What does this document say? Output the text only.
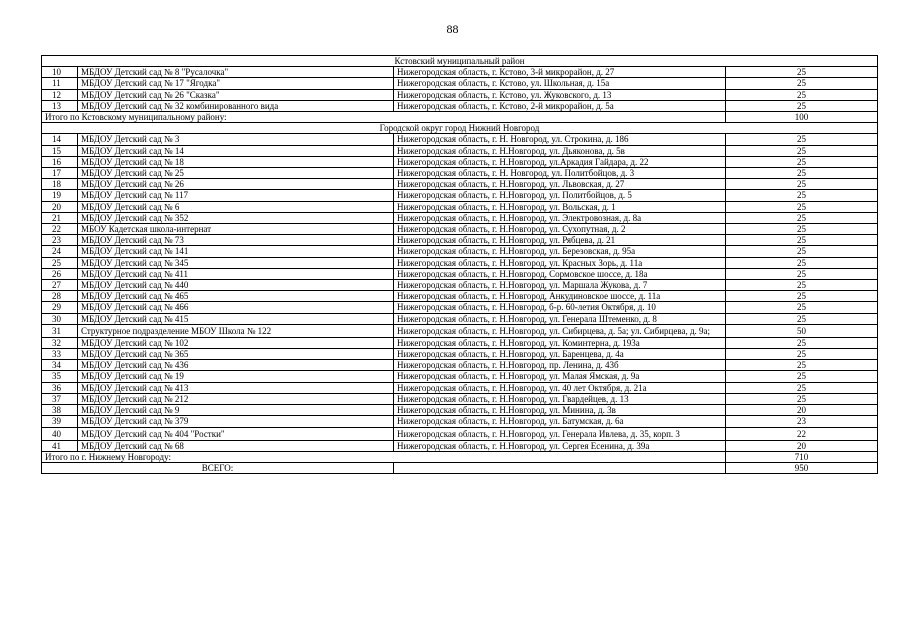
88
Кстовский муниципальный район			
10	МБДОУ Детский сад № 8 "Русалочка"	Нижегородская область, г. Кстово, 3-й микрорайон, д. 27	25
11	МБДОУ Детский сад № 17 "Ягодка"	Нижегородская область, г. Кстово, ул. Школьная, д. 15а	25
12	МБДОУ Детский сад № 26 "Сказка"	Нижегородская область, г. Кстово, ул. Жуковского, д. 13	25
13	МБДОУ Детский сад № 32 комбинированного вида	Нижегородская область, г. Кстово, 2-й микрорайон, д. 5а	25
Итого по Кстовскому муниципальному району:			100
Городской округ город Нижний Новгород			
14	МБДОУ Детский сад № 3	Нижегородская область, г. Н. Новгород, ул. Строкина, д. 186	25
15	МБДОУ Детский сад № 14	Нижегородская область, г. Н.Новгород, ул. Дьяконова, д. 5в	25
16	МБДОУ Детский сад № 18	Нижегородская область, г. Н.Новгород, ул.Аркадия Гайдара, д. 22	25
17	МБДОУ Детский сад № 25	Нижегородская область, г. Н. Новгород, ул. Политбойцов, д. 3	25
18	МБДОУ Детский сад № 26	Нижегородская область, г. Н.Новгород, ул. Львовская, д. 27	25
19	МБДОУ Детский сад № 117	Нижегородская область, г. Н.Новгород, ул. Политбойцов, д. 5	25
20	МБДОУ Детский сад № 6	Нижегородская область, г. Н.Новгород, ул. Вольская, д. 1	25
21	МБДОУ Детский сад № 352	Нижегородская область, г. Н.Новгород, ул. Электровозная, д. 8а	25
22	МБОУ Кадетская школа-интернат	Нижегородская область, г. Н.Новгород, ул. Сухопутная, д. 2	25
23	МБДОУ Детский сад № 73	Нижегородская область, г. Н.Новгород, ул. Рябцева, д. 21	25
24	МБДОУ Детский сад № 141	Нижегородская область, г. Н.Новгород, ул. Березовская, д. 95а	25
25	МБДОУ Детский сад № 345	Нижегородская область, г. Н.Новгород, ул. Красных Зорь, д. 11а	25
26	МБДОУ Детский сад № 411	Нижегородская область, г. Н.Новгород, Сормовское шоссе, д. 18а	25
27	МБДОУ Детский сад № 440	Нижегородская область, г. Н.Новгород, ул. Маршала Жукова, д. 7	25
28	МБДОУ Детский сад № 465	Нижегородская область, г. Н.Новгород, Анкудиновское шоссе, д. 11а	25
29	МБДОУ Детский сад № 466	Нижегородская область, г. Н.Новгород, б-р. 60-летия Октября, д. 10	25
30	МБДОУ Детский сад № 415	Нижегородская область, г. Н.Новгород, ул. Генерала Штеменко, д. 8	25
31	Структурное подразделение МБОУ Школа № 122	Нижегородская область, г. Н.Новгород, ул. Сибирцева, д. 5а; ул. Сибирцева, д. 9а;	50
32	МБДОУ Детский сад № 102	Нижегородская область, г. Н.Новгород, ул. Коминтерна, д. 193а	25
33	МБДОУ Детский сад № 365	Нижегородская область, г. Н.Новгород, ул. Баренцева, д. 4а	25
34	МБДОУ Детский сад № 436	Нижегородская область, г. Н.Новгород, пр. Ленина, д. 43б	25
35	МБДОУ Детский сад № 19	Нижегородская область, г. Н.Новгород, ул. Малая Ямская, д. 9а	25
36	МБДОУ Детский сад № 413	Нижегородская область, г. Н.Новгород, ул. 40 лет Октября, д. 21а	25
37	МБДОУ Детский сад № 212	Нижегородская область, г. Н.Новгород, ул. Гвардейцев, д. 13	25
38	МБДОУ Детский сад № 9	Нижегородская область, г. Н.Новгород, ул. Минина, д. 3в	20
39	МБДОУ Детский сад № 379	Нижегородская область, г. Н.Новгород, ул. Батумская, д. 6а	23
40	МБДОУ Детский сад № 404 "Ростки"	Нижегородская область, г. Н.Новгород, ул. Генерала Ивлева, д. 35, корп. 3	22
41	МБДОУ Детский сад № 68	Нижегородская область, г. Н.Новгород, ул. Сергея Есенина, д. 39а	20
Итого по г. Нижнему Новгороду:			710
ВСЕГО:			950
